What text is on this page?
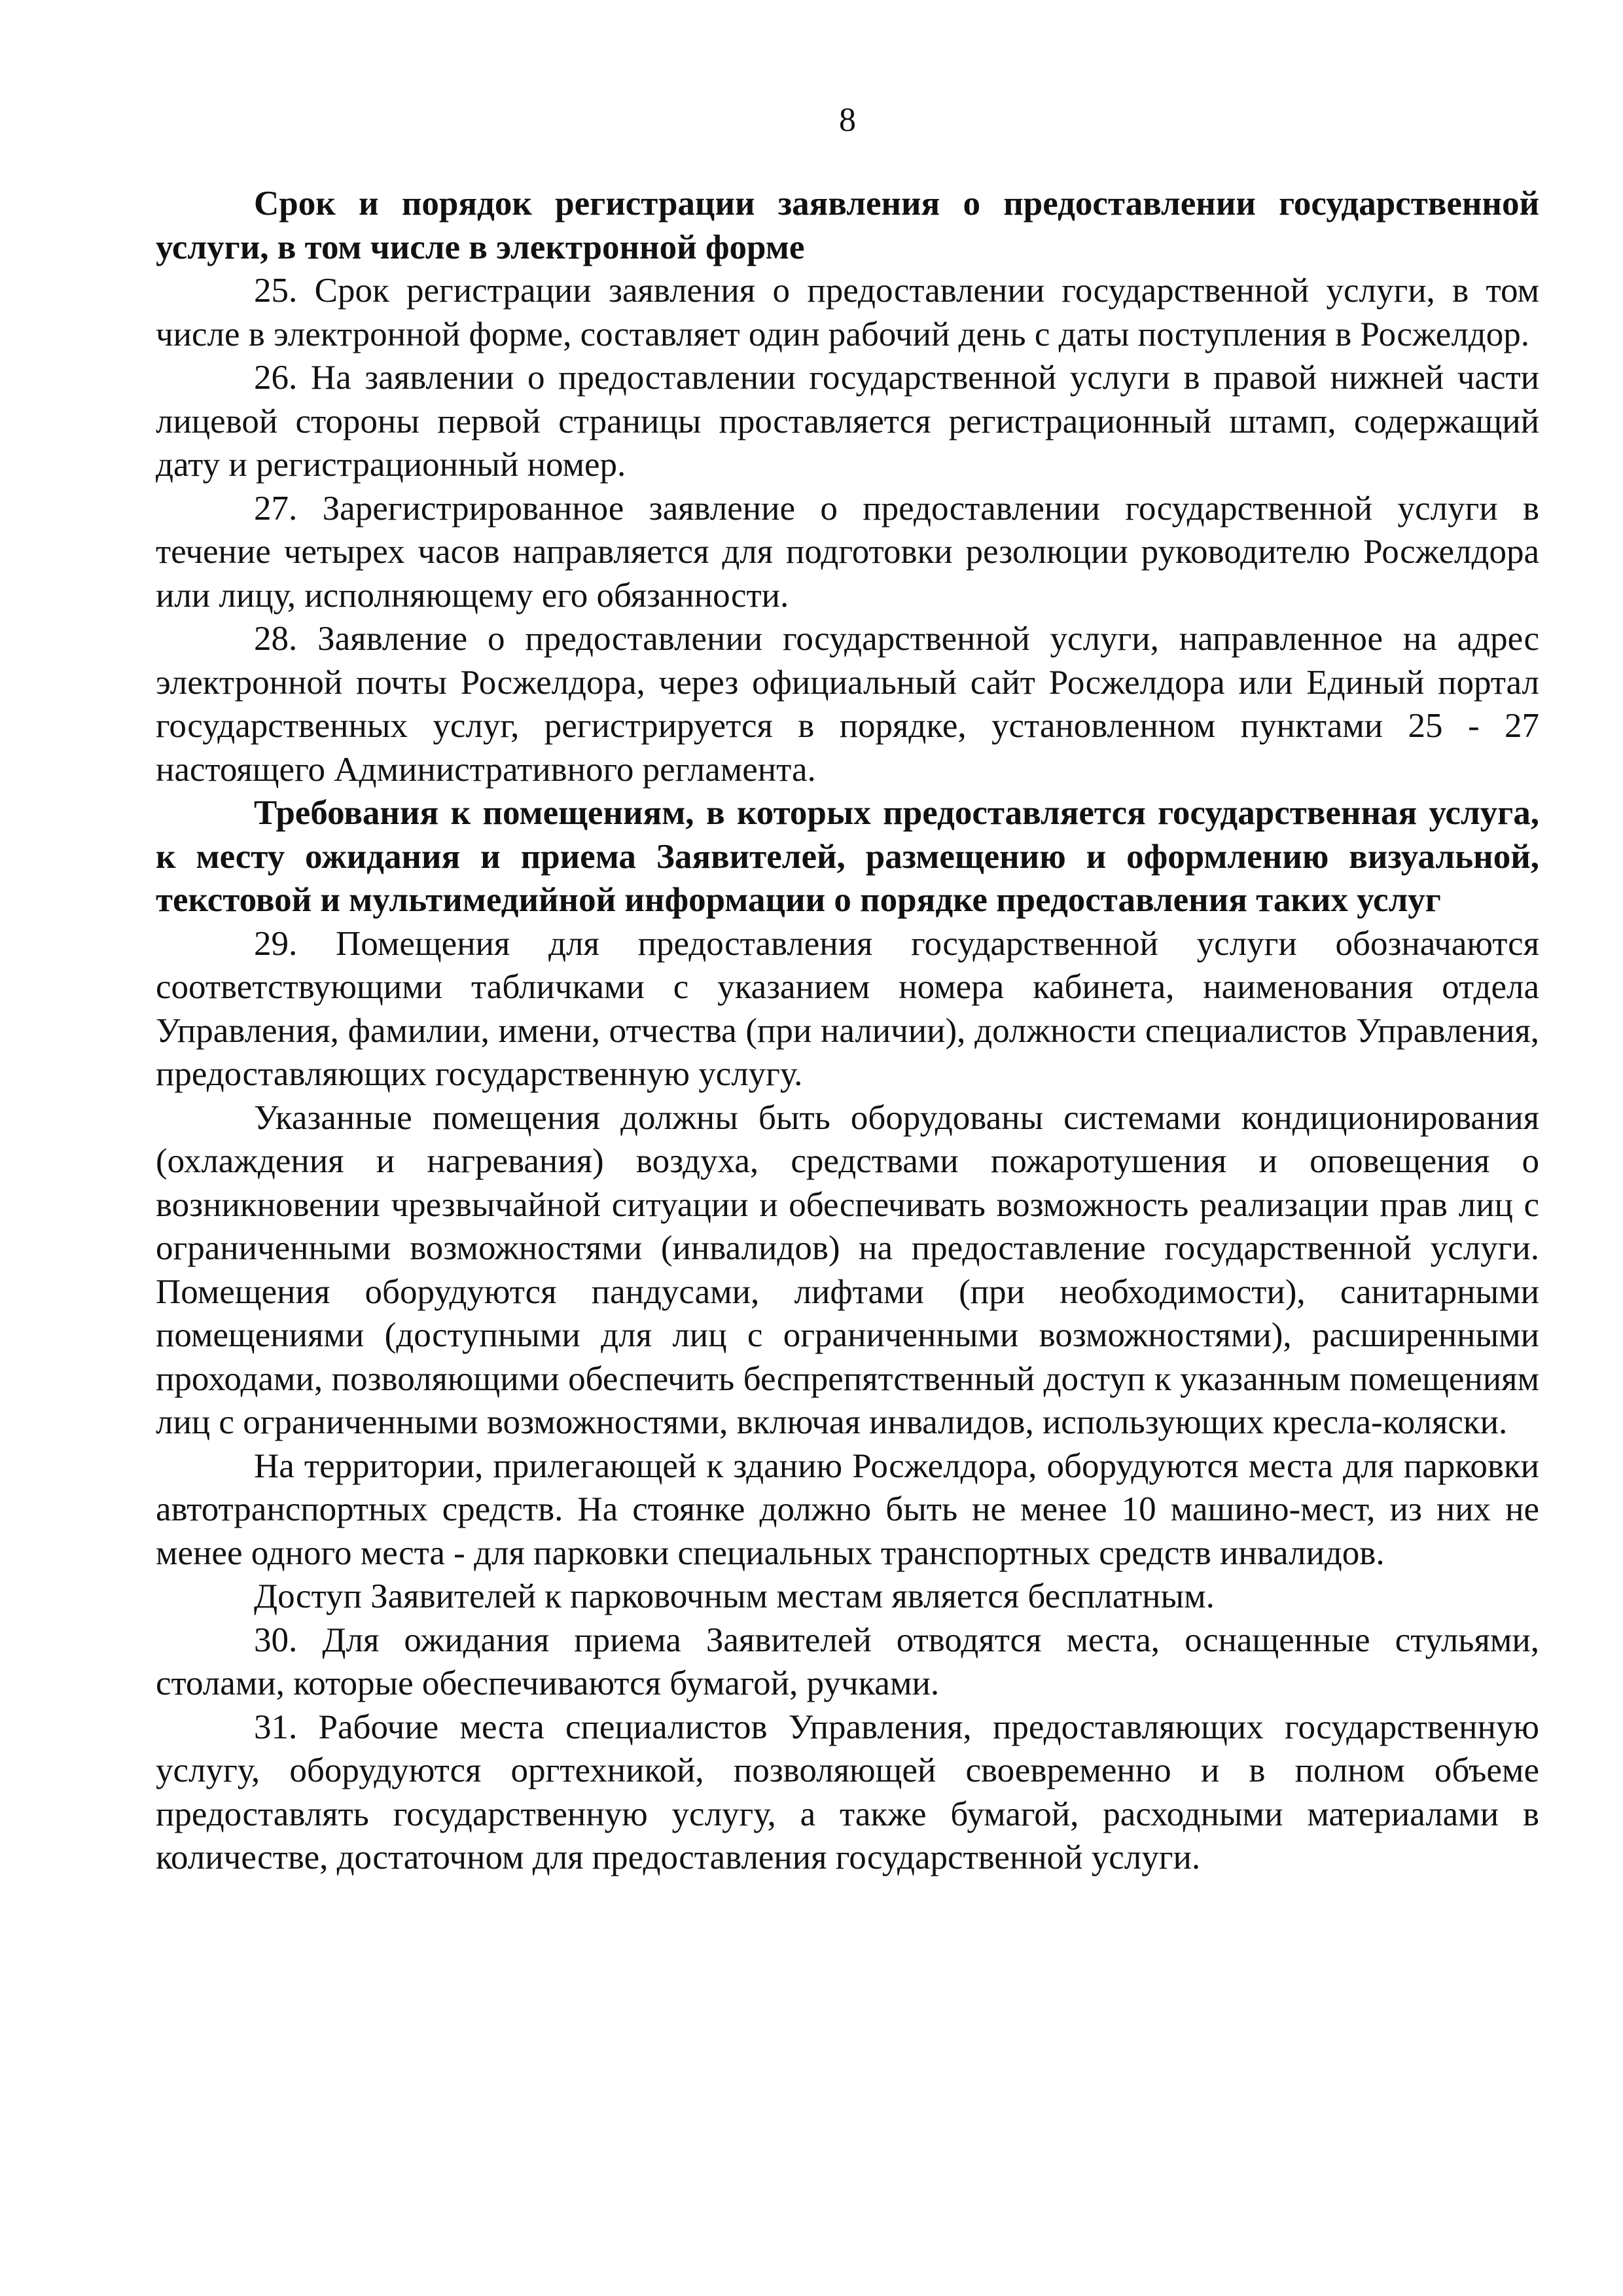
8

Срок и порядок регистрации заявления о предоставлении государственной услуги, в том числе в электронной форме

25. Срок регистрации заявления о предоставлении государственной услуги, в том числе в электронной форме, составляет один рабочий день с даты поступления в Росжелдор.

26. На заявлении о предоставлении государственной услуги в правой нижней части лицевой стороны первой страницы проставляется регистрационный штамп, содержащий дату и регистрационный номер.

27. Зарегистрированное заявление о предоставлении государственной услуги в течение четырех часов направляется для подготовки резолюции руководителю Росжелдора или лицу, исполняющему его обязанности.

28. Заявление о предоставлении государственной услуги, направленное на адрес электронной почты Росжелдора, через официальный сайт Росжелдора или Единый портал государственных услуг, регистрируется в порядке, установленном пунктами 25 - 27 настоящего Административного регламента.

Требования к помещениям, в которых предоставляется государственная услуга, к месту ожидания и приема Заявителей, размещению и оформлению визуальной, текстовой и мультимедийной информации о порядке предоставления таких услуг

29. Помещения для предоставления государственной услуги обозначаются соответствующими табличками с указанием номера кабинета, наименования отдела Управления, фамилии, имени, отчества (при наличии), должности специалистов Управления, предоставляющих государственную услугу.

Указанные помещения должны быть оборудованы системами кондиционирования (охлаждения и нагревания) воздуха, средствами пожаротушения и оповещения о возникновении чрезвычайной ситуации и обеспечивать возможность реализации прав лиц с ограниченными возможностями (инвалидов) на предоставление государственной услуги. Помещения оборудуются пандусами, лифтами (при необходимости), санитарными помещениями (доступными для лиц с ограниченными возможностями), расширенными проходами, позволяющими обеспечить беспрепятственный доступ к указанным помещениям лиц с ограниченными возможностями, включая инвалидов, использующих кресла-коляски.

На территории, прилегающей к зданию Росжелдора, оборудуются места для парковки автотранспортных средств. На стоянке должно быть не менее 10 машино-мест, из них не менее одного места - для парковки специальных транспортных средств инвалидов.

Доступ Заявителей к парковочным местам является бесплатным.

30. Для ожидания приема Заявителей отводятся места, оснащенные стульями, столами, которые обеспечиваются бумагой, ручками.

31. Рабочие места специалистов Управления, предоставляющих государственную услугу, оборудуются оргтехникой, позволяющей своевременно и в полном объеме предоставлять государственную услугу, а также бумагой, расходными материалами в количестве, достаточном для предоставления государственной услуги.
